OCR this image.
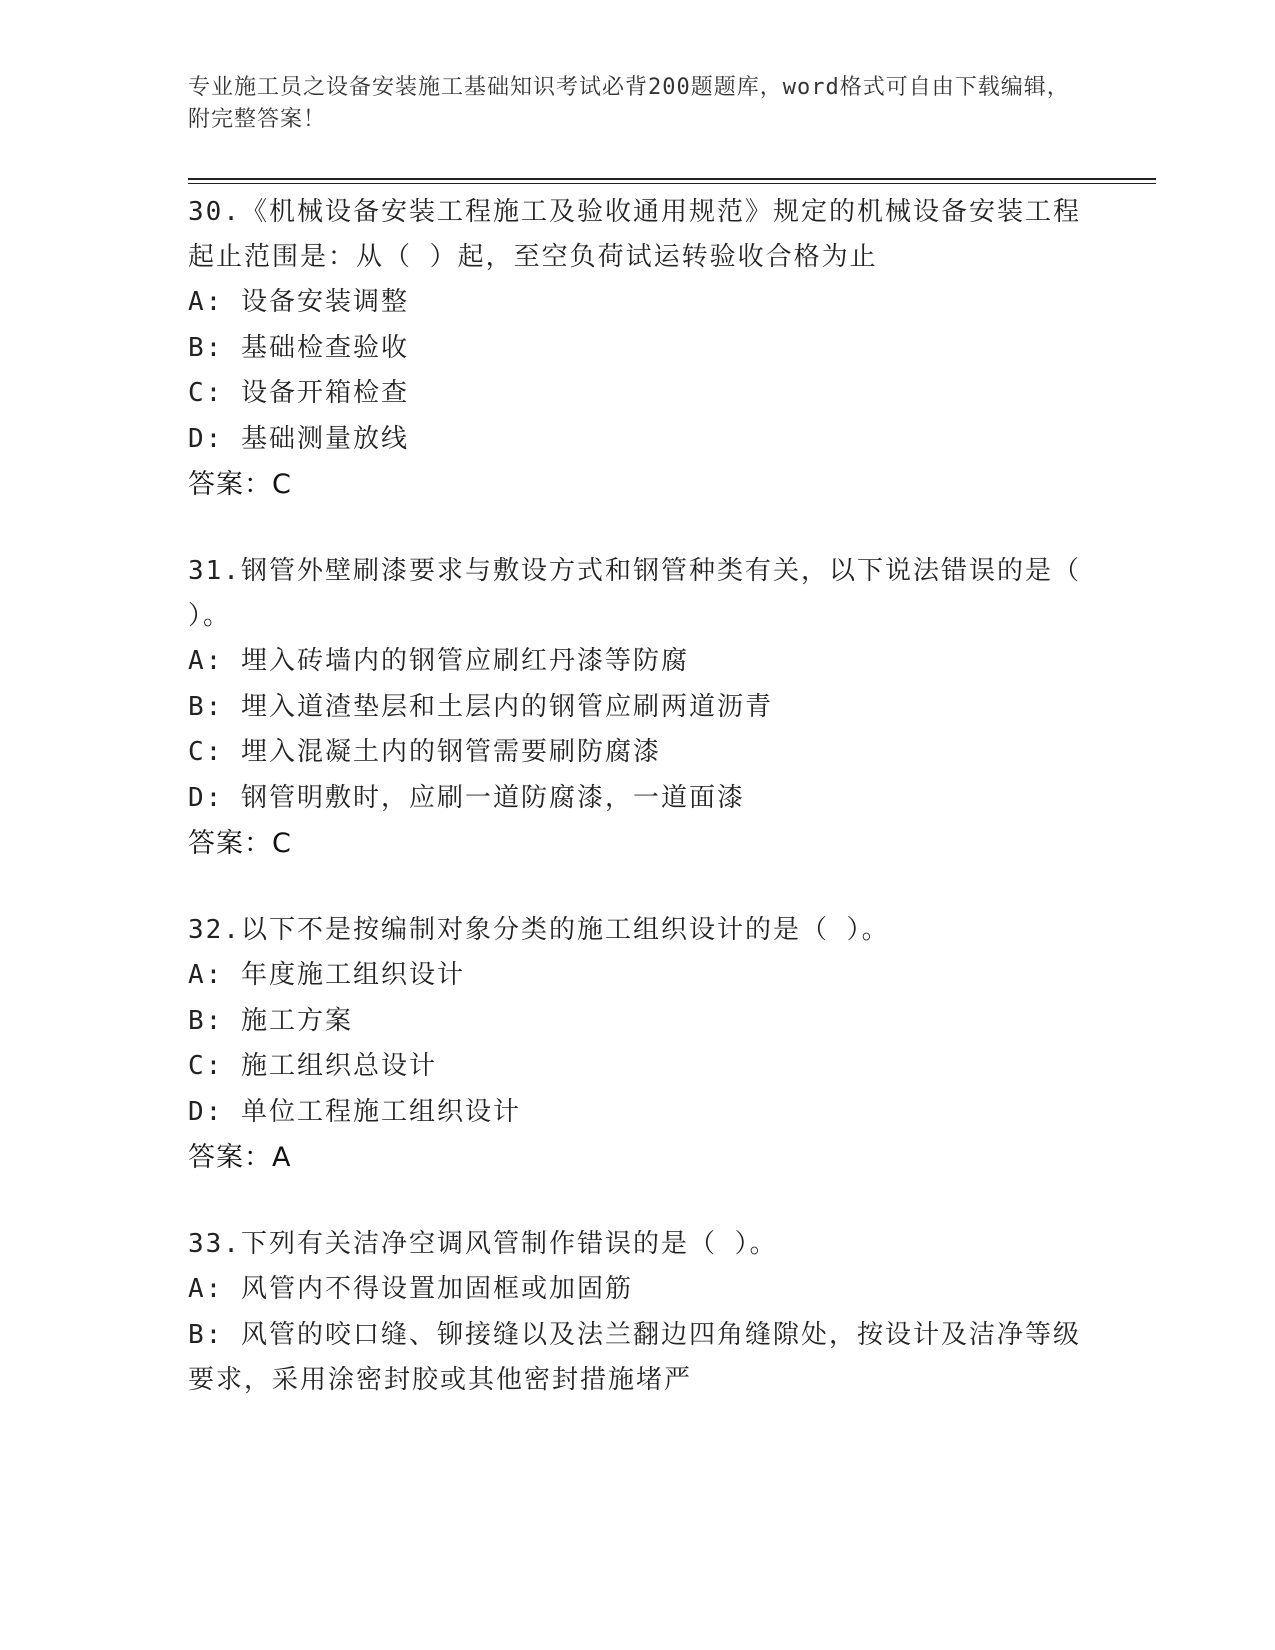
专业施工员之设备安装施工基础知识考试必背200题题库，word格式可自由下载编辑，附完整答案！
30.《机械设备安装工程施工及验收通用规范》规定的机械设备安装工程起止范围是：从（ ）起，至空负荷试运转验收合格为止
A: 设备安装调整
B: 基础检查验收
C: 设备开箱检查
D: 基础测量放线
答案：C
31.钢管外壁刷漆要求与敷设方式和钢管种类有关，以下说法错误的是（ ）。
A: 埋入砖墙内的钢管应刷红丹漆等防腐
B: 埋入道渣垫层和土层内的钢管应刷两道沥青
C: 埋入混凝土内的钢管需要刷防腐漆
D: 钢管明敷时，应刷一道防腐漆，一道面漆
答案：C
32.以下不是按编制对象分类的施工组织设计的是（ ）。
A: 年度施工组织设计
B: 施工方案
C: 施工组织总设计
D: 单位工程施工组织设计
答案：A
33.下列有关洁净空调风管制作错误的是（ ）。
A: 风管内不得设置加固框或加固筋
B: 风管的咬口缝、铆接缝以及法兰翻边四角缝隙处，按设计及洁净等级要求，采用涂密封胶或其他密封措施堵严
